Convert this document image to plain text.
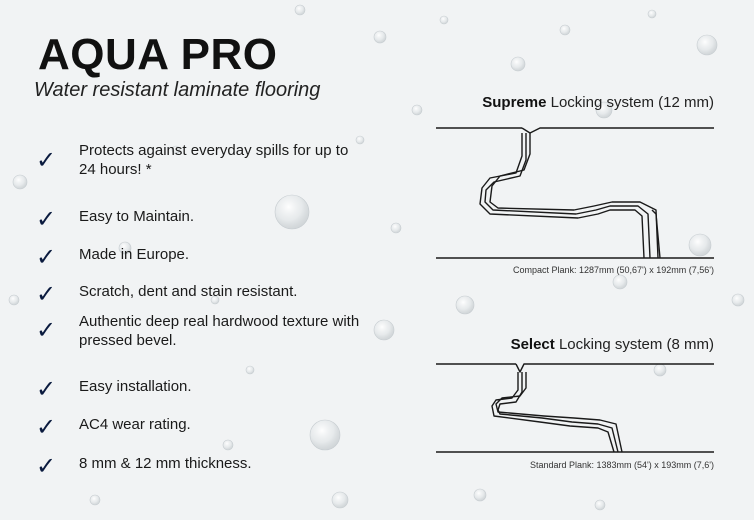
AQUA PRO

Water resistant laminate flooring

✓ Protects against everyday spills for up to 24 hours! *
✓ Easy to Maintain.
✓ Made in Europe.
✓ Scratch, dent and stain resistant.
✓ Authentic deep real hardwood texture with pressed bevel.
✓ Easy installation.
✓ AC4 wear rating.
✓ 8 mm & 12 mm thickness.
Supreme Locking system (12 mm)
Compact Plank: 1287mm (50,67') x 192mm (7,56')
Select Locking system (8 mm)
Standard Plank: 1383mm (54') x 193mm (7,6')
